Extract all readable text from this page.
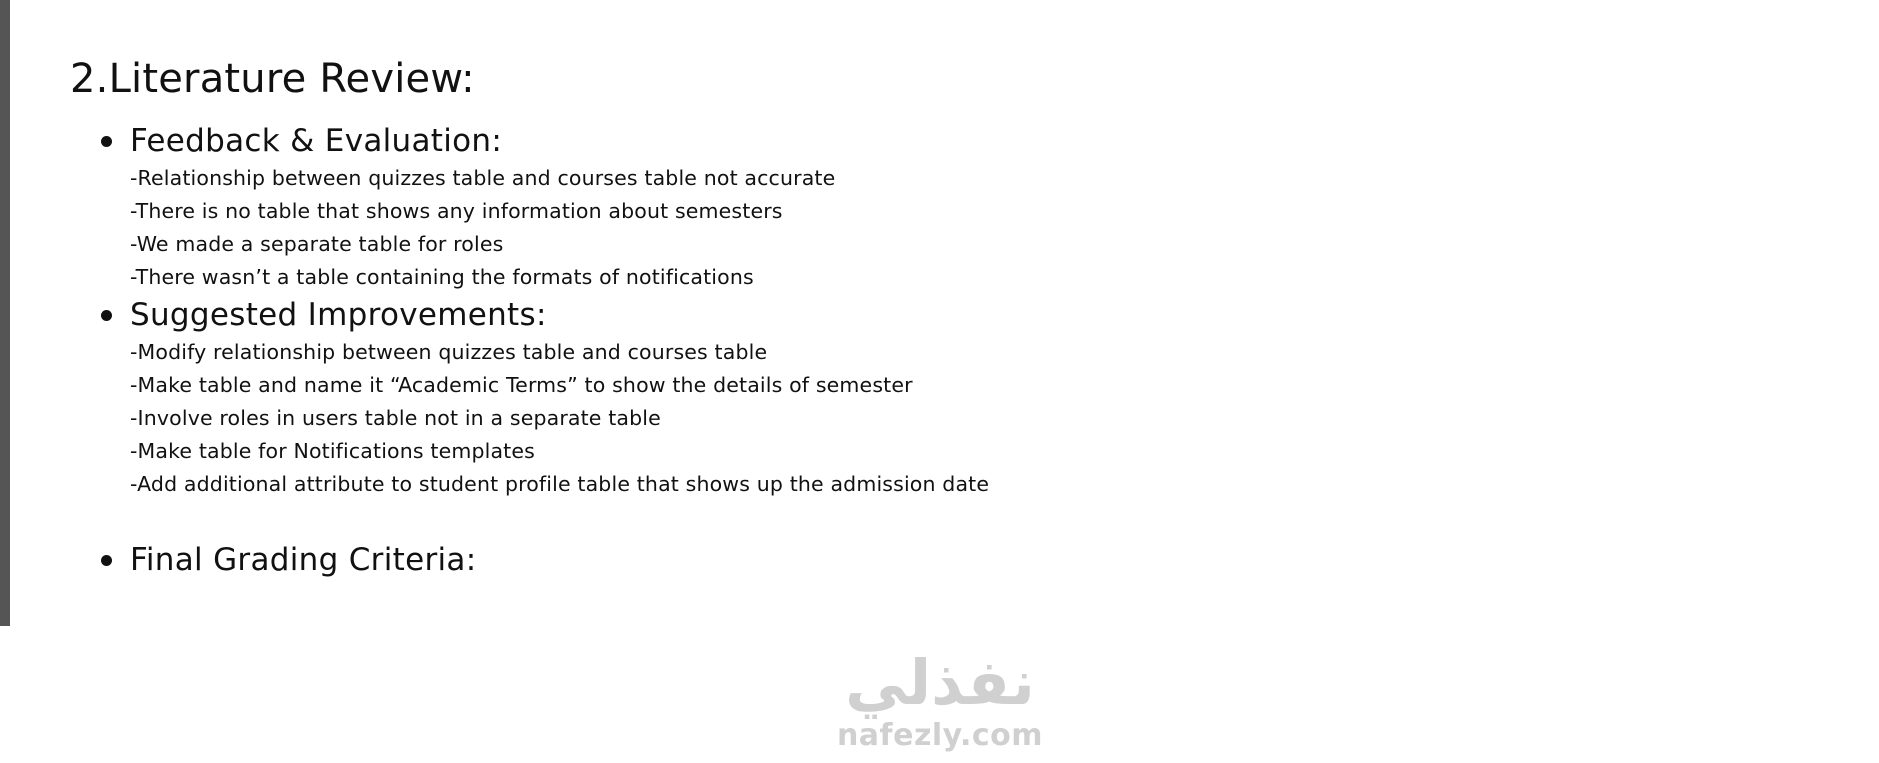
2.Literature Review:
Feedback & Evaluation:

-Relationship between quizzes table and courses table not accurate

-There is no table that shows any information about semesters

-We made a separate table for roles

-There wasn’t a table containing the formats of notifications

Suggested Improvements:

-Modify relationship between quizzes table and courses table

-Make table and name it “Academic Terms” to show the details of semester

-Involve roles in users table not in a separate table

-Make table for Notifications templates

-Add additional attribute to student profile table that shows up the admission date

Final Grading Criteria:
نفذلي
nafezly.com
